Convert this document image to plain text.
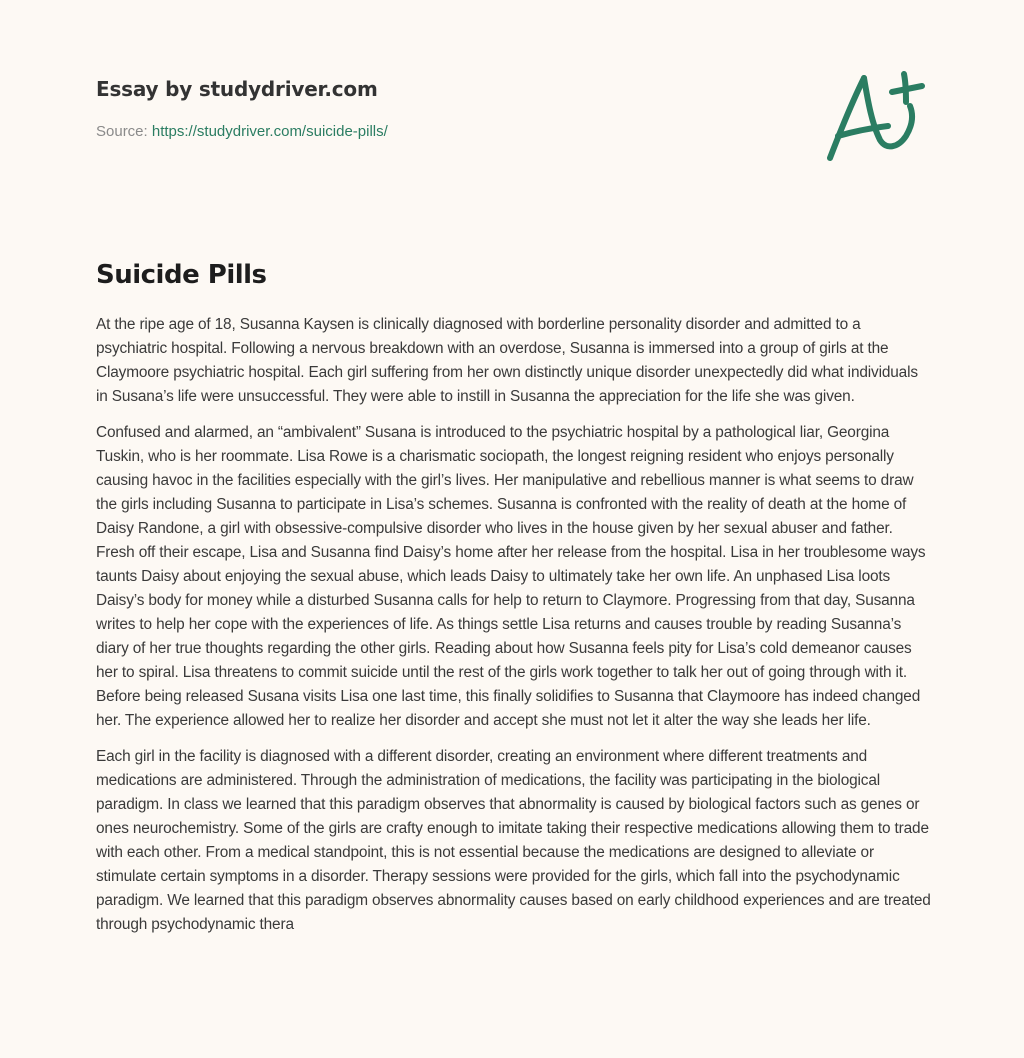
Essay by studydriver.com
Source: https://studydriver.com/suicide-pills/
Suicide Pills

At the ripe age of 18, Susanna Kaysen is clinically diagnosed with borderline personality disorder and admitted to a psychiatric hospital. Following a nervous breakdown with an overdose, Susanna is immersed into a group of girls at the Claymoore psychiatric hospital. Each girl suffering from her own distinctly unique disorder unexpectedly did what individuals in Susana’s life were unsuccessful. They were able to instill in Susanna the appreciation for the life she was given.

Confused and alarmed, an “ambivalent” Susana is introduced to the psychiatric hospital by a pathological liar, Georgina Tuskin, who is her roommate. Lisa Rowe is a charismatic sociopath, the longest reigning resident who enjoys personally causing havoc in the facilities especially with the girl’s lives. Her manipulative and rebellious manner is what seems to draw the girls including Susanna to participate in Lisa’s schemes. Susanna is confronted with the reality of death at the home of Daisy Randone, a girl with obsessive-compulsive disorder who lives in the house given by her sexual abuser and father. Fresh off their escape, Lisa and Susanna find Daisy’s home after her release from the hospital. Lisa in her troublesome ways taunts Daisy about enjoying the sexual abuse, which leads Daisy to ultimately take her own life. An unphased Lisa loots Daisy’s body for money while a disturbed Susanna calls for help to return to Claymore. Progressing from that day, Susanna writes to help her cope with the experiences of life. As things settle Lisa returns and causes trouble by reading Susanna’s diary of her true thoughts regarding the other girls. Reading about how Susanna feels pity for Lisa’s cold demeanor causes her to spiral. Lisa threatens to commit suicide until the rest of the girls work together to talk her out of going through with it. Before being released Susana visits Lisa one last time, this finally solidifies to Susanna that Claymoore has indeed changed her. The experience allowed her to realize her disorder and accept she must not let it alter the way she leads her life.

Each girl in the facility is diagnosed with a different disorder, creating an environment where different treatments and medications are administered. Through the administration of medications, the facility was participating in the biological paradigm. In class we learned that this paradigm observes that abnormality is caused by biological factors such as genes or ones neurochemistry. Some of the girls are crafty enough to imitate taking their respective medications allowing them to trade with each other. From a medical standpoint, this is not essential because the medications are designed to alleviate or stimulate certain symptoms in a disorder. Therapy sessions were provided for the girls, which fall into the psychodynamic paradigm. We learned that this paradigm observes abnormality causes based on early childhood experiences and are treated through psychodynamic thera
